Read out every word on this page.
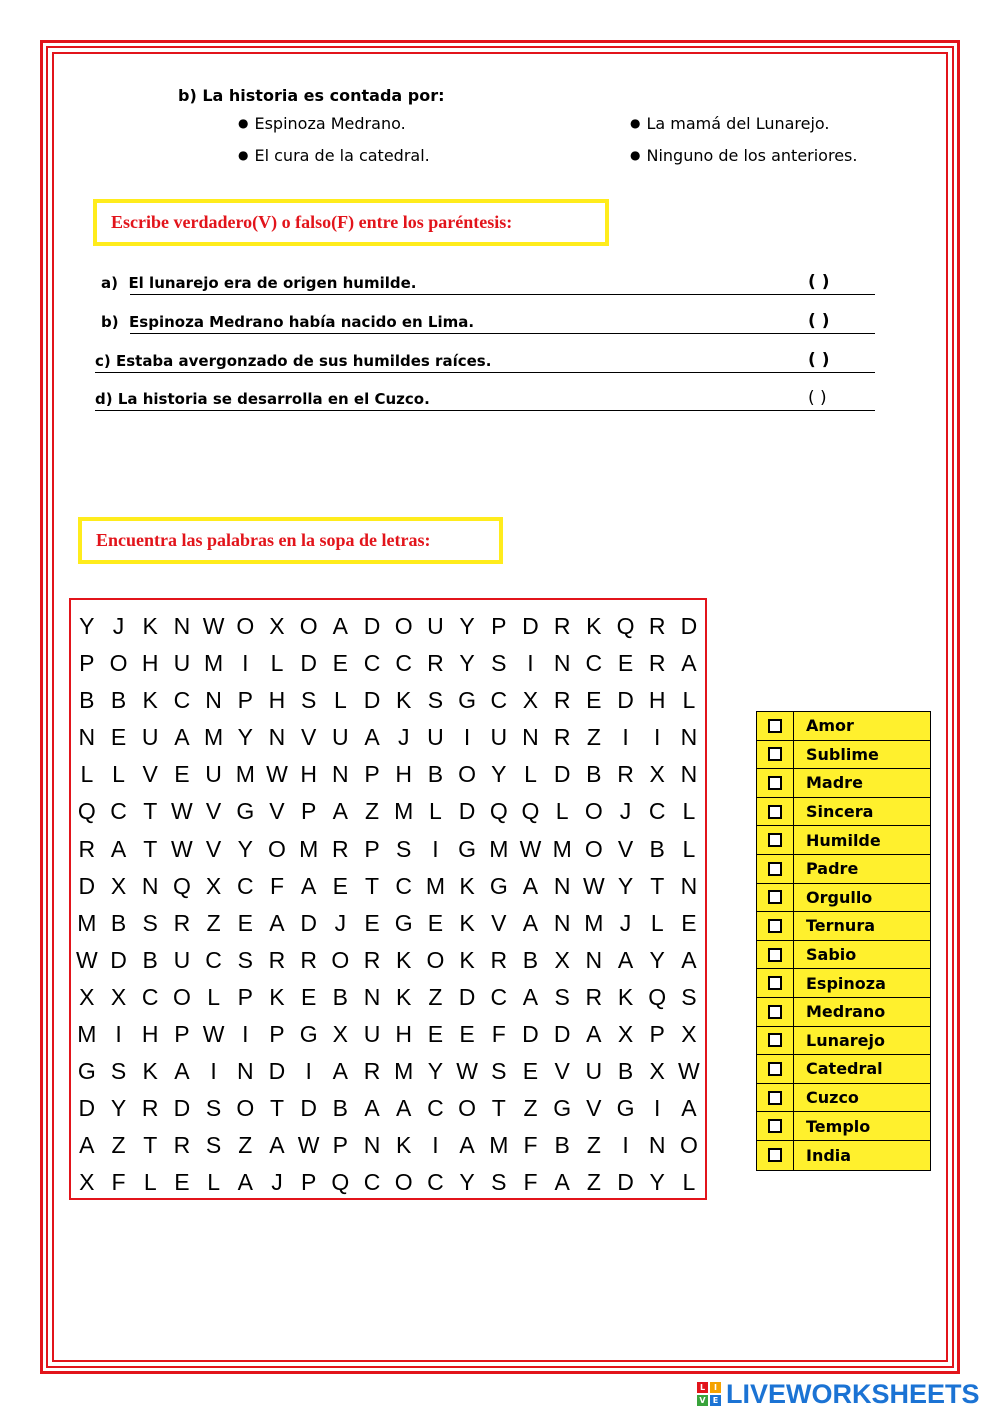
b) La historia es contada por:
● Espinoza Medrano.	● La mamá del Lunarejo.
● El cura de la catedral.	● Ninguno de los anteriores.
Escribe verdadero(V) o falso(F) entre los paréntesis:
a) El lunarejo era de origen humilde.	( )
b) Espinoza Medrano había nacido en Lima.	( )
c) Estaba avergonzado de sus humildes raíces.	( )
d) La historia se desarrolla en el Cuzco.	( )
Encuentra las palabras en la sopa de letras:
Y J K N W O X O A D O U Y P D R K Q R D
P O H U M I L D E C C R Y S I N C E R A
B B K C N P H S L D K S G C X R E D H L
N E U A M Y N V U A J U I U N R Z I	I N
L L V E U M W H N P H B O Y L D B R X N
Q C T W V G V P A Z M L D Q Q L O J C L
R A T W V Y O M R P S I G M W M O V B L
D X N Q X C F A E T C M K G A N W Y T N
M B S R Z E A D J E G E K V A N M J L E
W D B U C S R R O R K O K R B X N A Y A
X X C O L P K E B N K Z D C A S R K Q S
M I H P W I P G X U H E E F D D A X P X
G S K A I N D I A R M Y W S E V U B X W
D Y R D S O T D B A A C O T Z G V G I A
A Z T R S Z A W P N K I A M F B Z I N O
X F L E L A J P Q C O C Y S F A Z D Y L
Amor
Sublime
Madre
Sincera
Humilde
Padre
Orgullo
Ternura
Sabio
Espinoza
Medrano
Lunarejo
Catedral
Cuzco
Templo
India
L	I
V E LIVEWORKSHEETS
